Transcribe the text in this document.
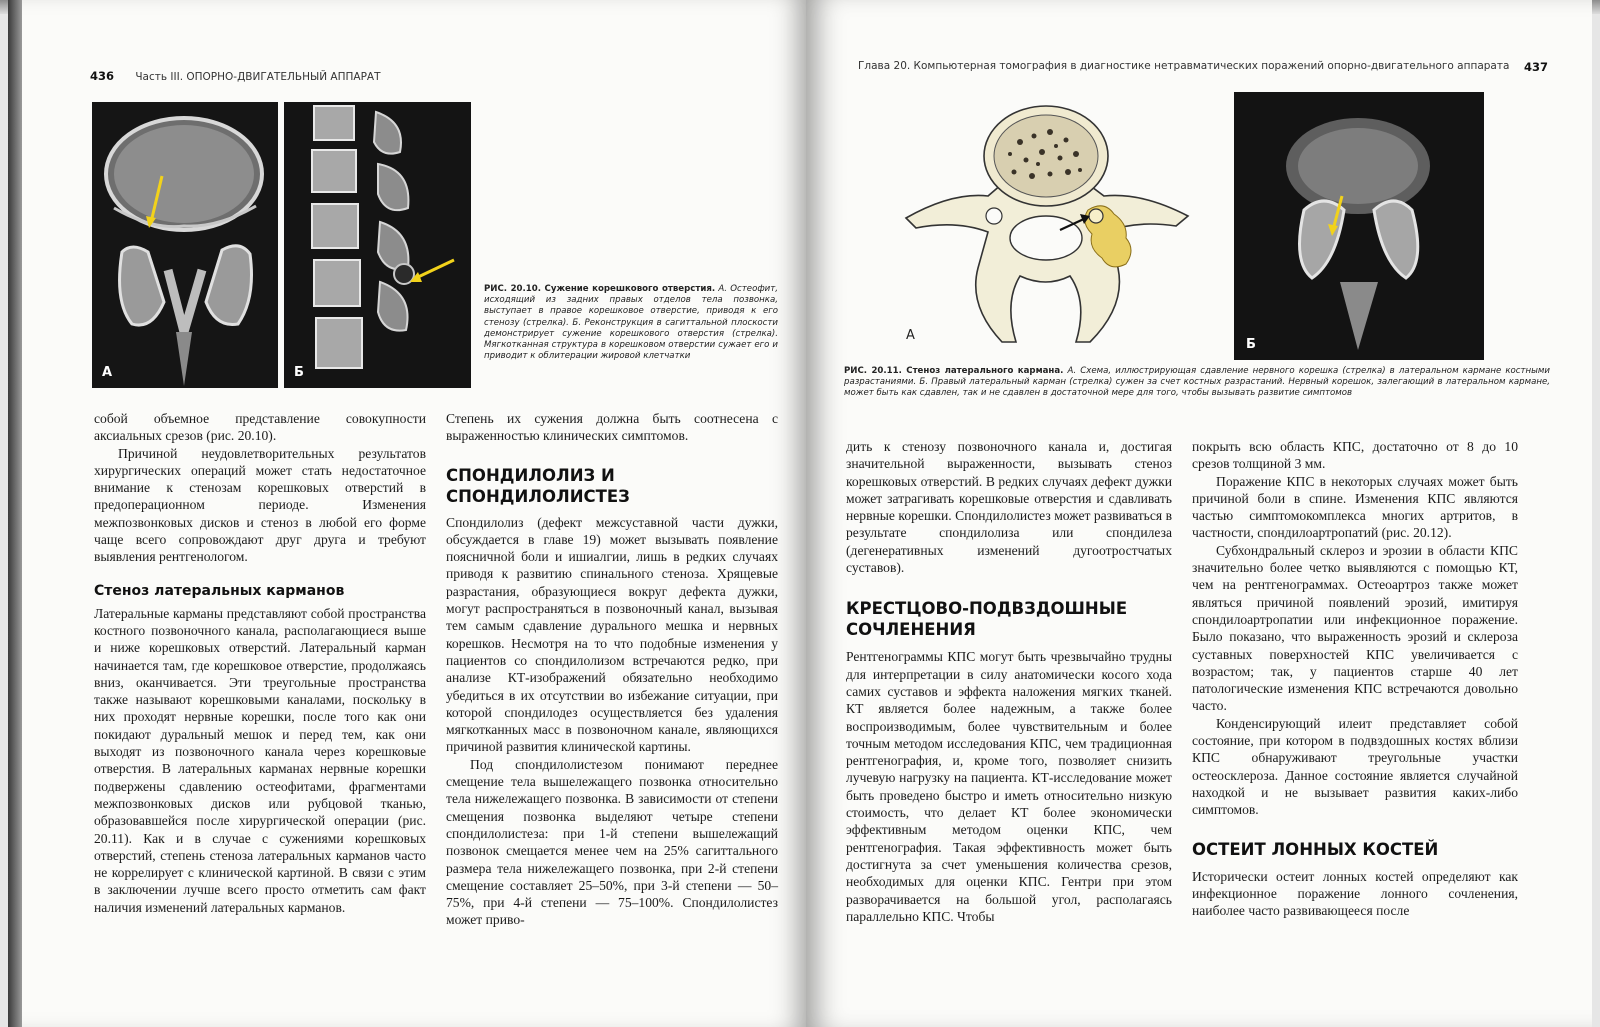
436 Часть III. ОПОРНО-ДВИГАТЕЛЬНЫЙ АППАРАТ
А	Б
РИС. 20.10. Сужение корешкового отверстия. А. Остеофит, исходящий из задних правых отделов тела позвонка, выступает в правое корешковое отверстие, приводя к его стенозу (стрелка). Б. Реконструкция в сагиттальной плоскости демонстрирует сужение корешкового отверстия (стрелка). Мягкотканная структура в корешковом отверстии сужает его и приводит к облитерации жировой клетчатки

собой объемное представление совокупности аксиальных срезов (рис. 20.10).

Причиной неудовлетворительных результатов хирургических операций может стать недостаточное внимание к стенозам корешковых отверстий в предоперационном периоде. Изменения межпозвонковых дисков и стеноз в любой его форме чаще всего сопровождают друг друга и требуют выявления рентгенологом.

Стеноз латеральных карманов

Латеральные карманы представляют собой пространства костного позвоночного канала, располагающиеся выше и ниже корешковых отверстий. Латеральный карман начинается там, где корешковое отверстие, продолжаясь вниз, оканчивается. Эти треугольные пространства также называют корешковыми каналами, поскольку в них проходят нервные корешки, после того как они покидают дуральный мешок и перед тем, как они выходят из позвоночного канала через корешковые отверстия. В латеральных карманах нервные корешки подвержены сдавлению остеофитами, фрагментами межпозвонковых дисков или рубцовой тканью, образовавшейся после хирургической операции (рис. 20.11). Как и в случае с сужениями корешковых отверстий, степень стеноза латеральных карманов часто не коррелирует с клинической картиной. В связи с этим в заключении лучше всего просто отметить сам факт наличия изменений латеральных карманов.

Степень их сужения должна быть соотнесена с выраженностью клинических симптомов.

СПОНДИЛОЛИЗ И СПОНДИЛОЛИСТЕЗ

Спондилолиз (дефект межсуставной части дужки, обсуждается в главе 19) может вызывать появление поясничной боли и ишиалгии, лишь в редких случаях приводя к развитию спинального стеноза. Хрящевые разрастания, образующиеся вокруг дефекта дужки, могут распространяться в позвоночный канал, вызывая тем самым сдавление дурального мешка и нервных корешков. Несмотря на то что подобные изменения у пациентов со спондилолизом встречаются редко, при анализе КТ-изображений обязательно необходимо убедиться в их отсутствии во избежание ситуации, при которой спондилодез осуществляется без удаления мягкотканных масс в позвоночном канале, являющихся причиной развития клинической картины.

Под спондилолистезом понимают переднее смещение тела вышележащего позвонка относительно тела нижележащего позвонка. В зависимости от степени смещения позвонка выделяют четыре степени спондилолистеза: при 1-й степени вышележащий позвонок смещается менее чем на 25% сагиттального размера тела нижележащего позвонка, при 2-й степени смещение составляет 25–50%, при 3-й степени — 50–75%, при 4-й степени — 75–100%. Спондилолистез может приво-

Глава 20. Компьютерная томография в диагностике нетравматических поражений опорно-двигательного аппарата 437
А
Б
РИС. 20.11. Стеноз латерального кармана. А. Схема, иллюстрирующая сдавление нервного корешка (стрелка) в латеральном кармане костными разрастаниями. Б. Правый латеральный карман (стрелка) сужен за счет костных разрастаний. Нервный корешок, залегающий в латеральном кармане, может быть как сдавлен, так и не сдавлен в достаточной мере для того, чтобы вызывать развитие симптомов

дить к стенозу позвоночного канала и, достигая значительной выраженности, вызывать стеноз корешковых отверстий. В редких случаях дефект дужки может затрагивать корешковые отверстия и сдавливать нервные корешки. Спондилолистез может развиваться в результате спондилолиза или спондилеза (дегенеративных изменений дугоотростчатых суставов).

КРЕСТЦОВО-ПОДВЗДОШНЫЕ СОЧЛЕНЕНИЯ

Рентгенограммы КПС могут быть чрезвычайно трудны для интерпретации в силу анатомически косого хода самих суставов и эффекта наложения мягких тканей. КТ является более надежным, а также более воспроизводимым, более чувствительным и более точным методом исследования КПС, чем традиционная рентгенография, и, кроме того, позволяет снизить лучевую нагрузку на пациента. КТ-исследование может быть проведено быстро и иметь относительно низкую стоимость, что делает КТ более экономически эффективным методом оценки КПС, чем рентгенография. Такая эффективность может быть достигнута за счет уменьшения количества срезов, необходимых для оценки КПС. Гентри при этом разворачивается на большой угол, располагаясь параллельно КПС. Чтобы

покрыть всю область КПС, достаточно от 8 до 10 срезов толщиной 3 мм.

Поражение КПС в некоторых случаях может быть причиной боли в спине. Изменения КПС являются частью симптомокомплекса многих артритов, в частности, спондилоартропатий (рис. 20.12).

Субхондральный склероз и эрозии в области КПС значительно более четко выявляются с помощью КТ, чем на рентгенограммах. Остеоартроз также может являться причиной появлений эрозий, имитируя спондилоартропатии или инфекционное поражение. Было показано, что выраженность эрозий и склероза суставных поверхностей КПС увеличивается с возрастом; так, у пациентов старше 40 лет патологические изменения КПС встречаются довольно часто.

Конденсирующий илеит представляет собой состояние, при котором в подвздошных костях вблизи КПС обнаруживают треугольные участки остеосклероза. Данное состояние является случайной находкой и не вызывает развития каких-либо симптомов.

ОСТЕИТ ЛОННЫХ КОСТЕЙ

Исторически остеит лонных костей определяют как инфекционное поражение лонного сочленения, наиболее часто развивающееся после
